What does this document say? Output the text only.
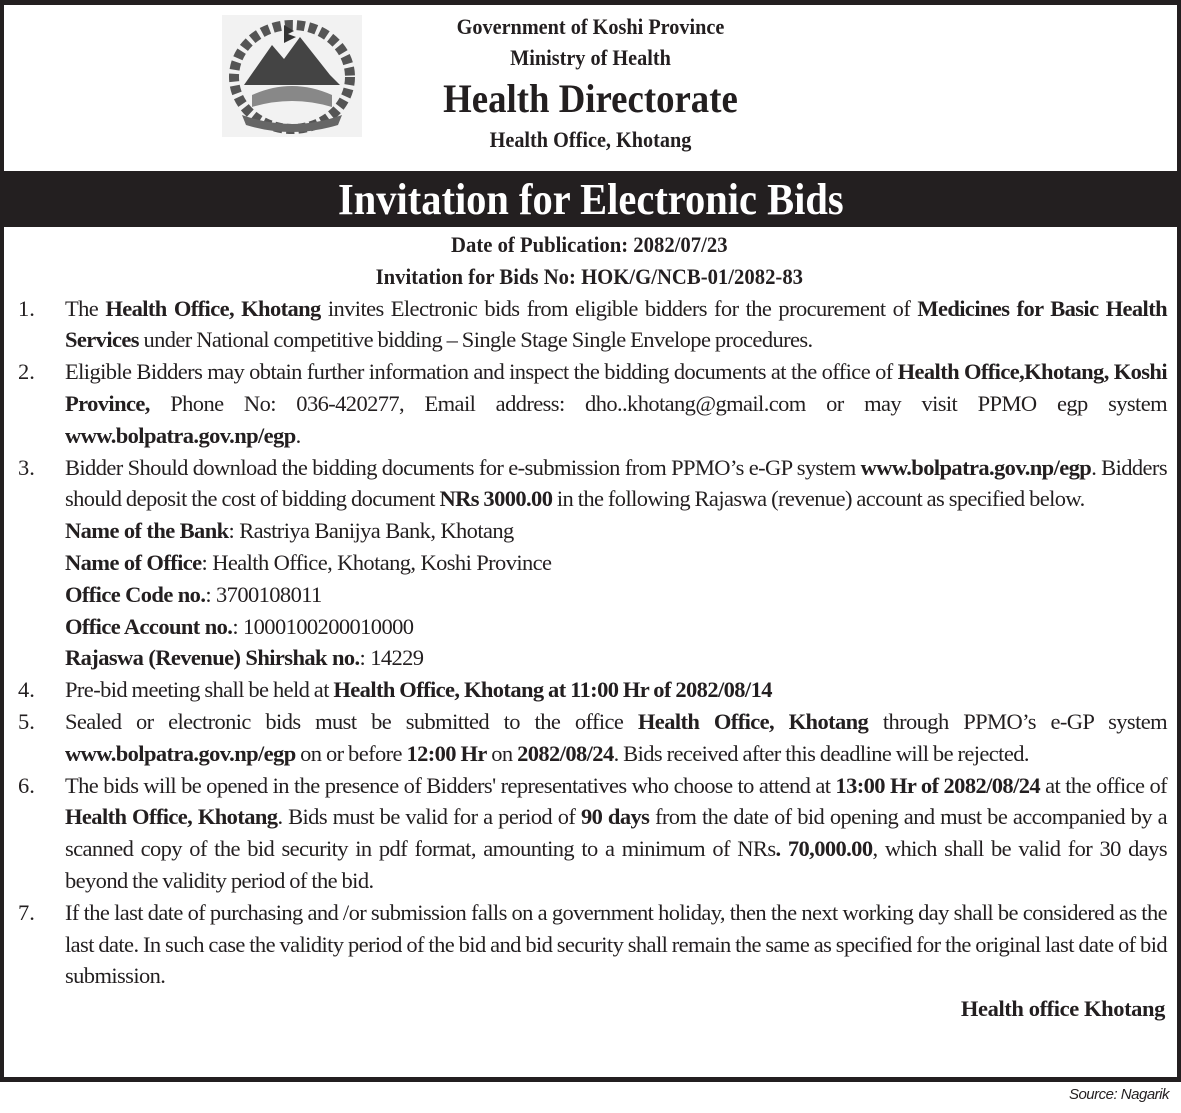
Government of Koshi Province
Ministry of Health
Health Directorate
Health Office, Khotang
Invitation for Electronic Bids
Date of Publication: 2082/07/23
Invitation for Bids No: HOK/G/NCB-01/2082-83
1.	The Health Office, Khotang invites Electronic bids from eligible bidders for the procurement of Medicines for Basic Health Services under National competitive bidding – Single Stage Single Envelope procedures.
2.	Eligible Bidders may obtain further information and inspect the bidding documents at the office of Health Office,Khotang, Koshi Province, Phone No: 036-420277, Email address: dho..khotang@gmail.com or may visit PPMO egp system www.bolpatra.gov.np/egp.
3.	Bidder Should download the bidding documents for e-submission from PPMO’s e-GP system www.bolpatra.gov.np/egp. Bidders should deposit the cost of bidding document NRs 3000.00 in the following Rajaswa (revenue) account as specified below.
Name of the Bank: Rastriya Banijya Bank, Khotang
Name of Office: Health Office, Khotang, Koshi Province
Office Code no.: 3700108011
Office Account no.: 1000100200010000
Rajaswa (Revenue) Shirshak no.: 14229
4.	Pre-bid meeting shall be held at Health Office, Khotang at 11:00 Hr of 2082/08/14
5.	Sealed or electronic bids must be submitted to the office Health Office, Khotang through PPMO’s e-GP system www.bolpatra.gov.np/egp on or before 12:00 Hr on 2082/08/24. Bids received after this deadline will be rejected.
6.	The bids will be opened in the presence of Bidders' representatives who choose to attend at 13:00 Hr of 2082/08/24 at the office of Health Office, Khotang. Bids must be valid for a period of 90 days from the date of bid opening and must be accompanied by a scanned copy of the bid security in pdf format, amounting to a minimum of NRs. 70,000.00, which shall be valid for 30 days beyond the validity period of the bid.
7.	If the last date of purchasing and /or submission falls on a government holiday, then the next working day shall be considered as the last date. In such case the validity period of the bid and bid security shall remain the same as specified for the original last date of bid submission.
Health office Khotang
Source: Nagarik
